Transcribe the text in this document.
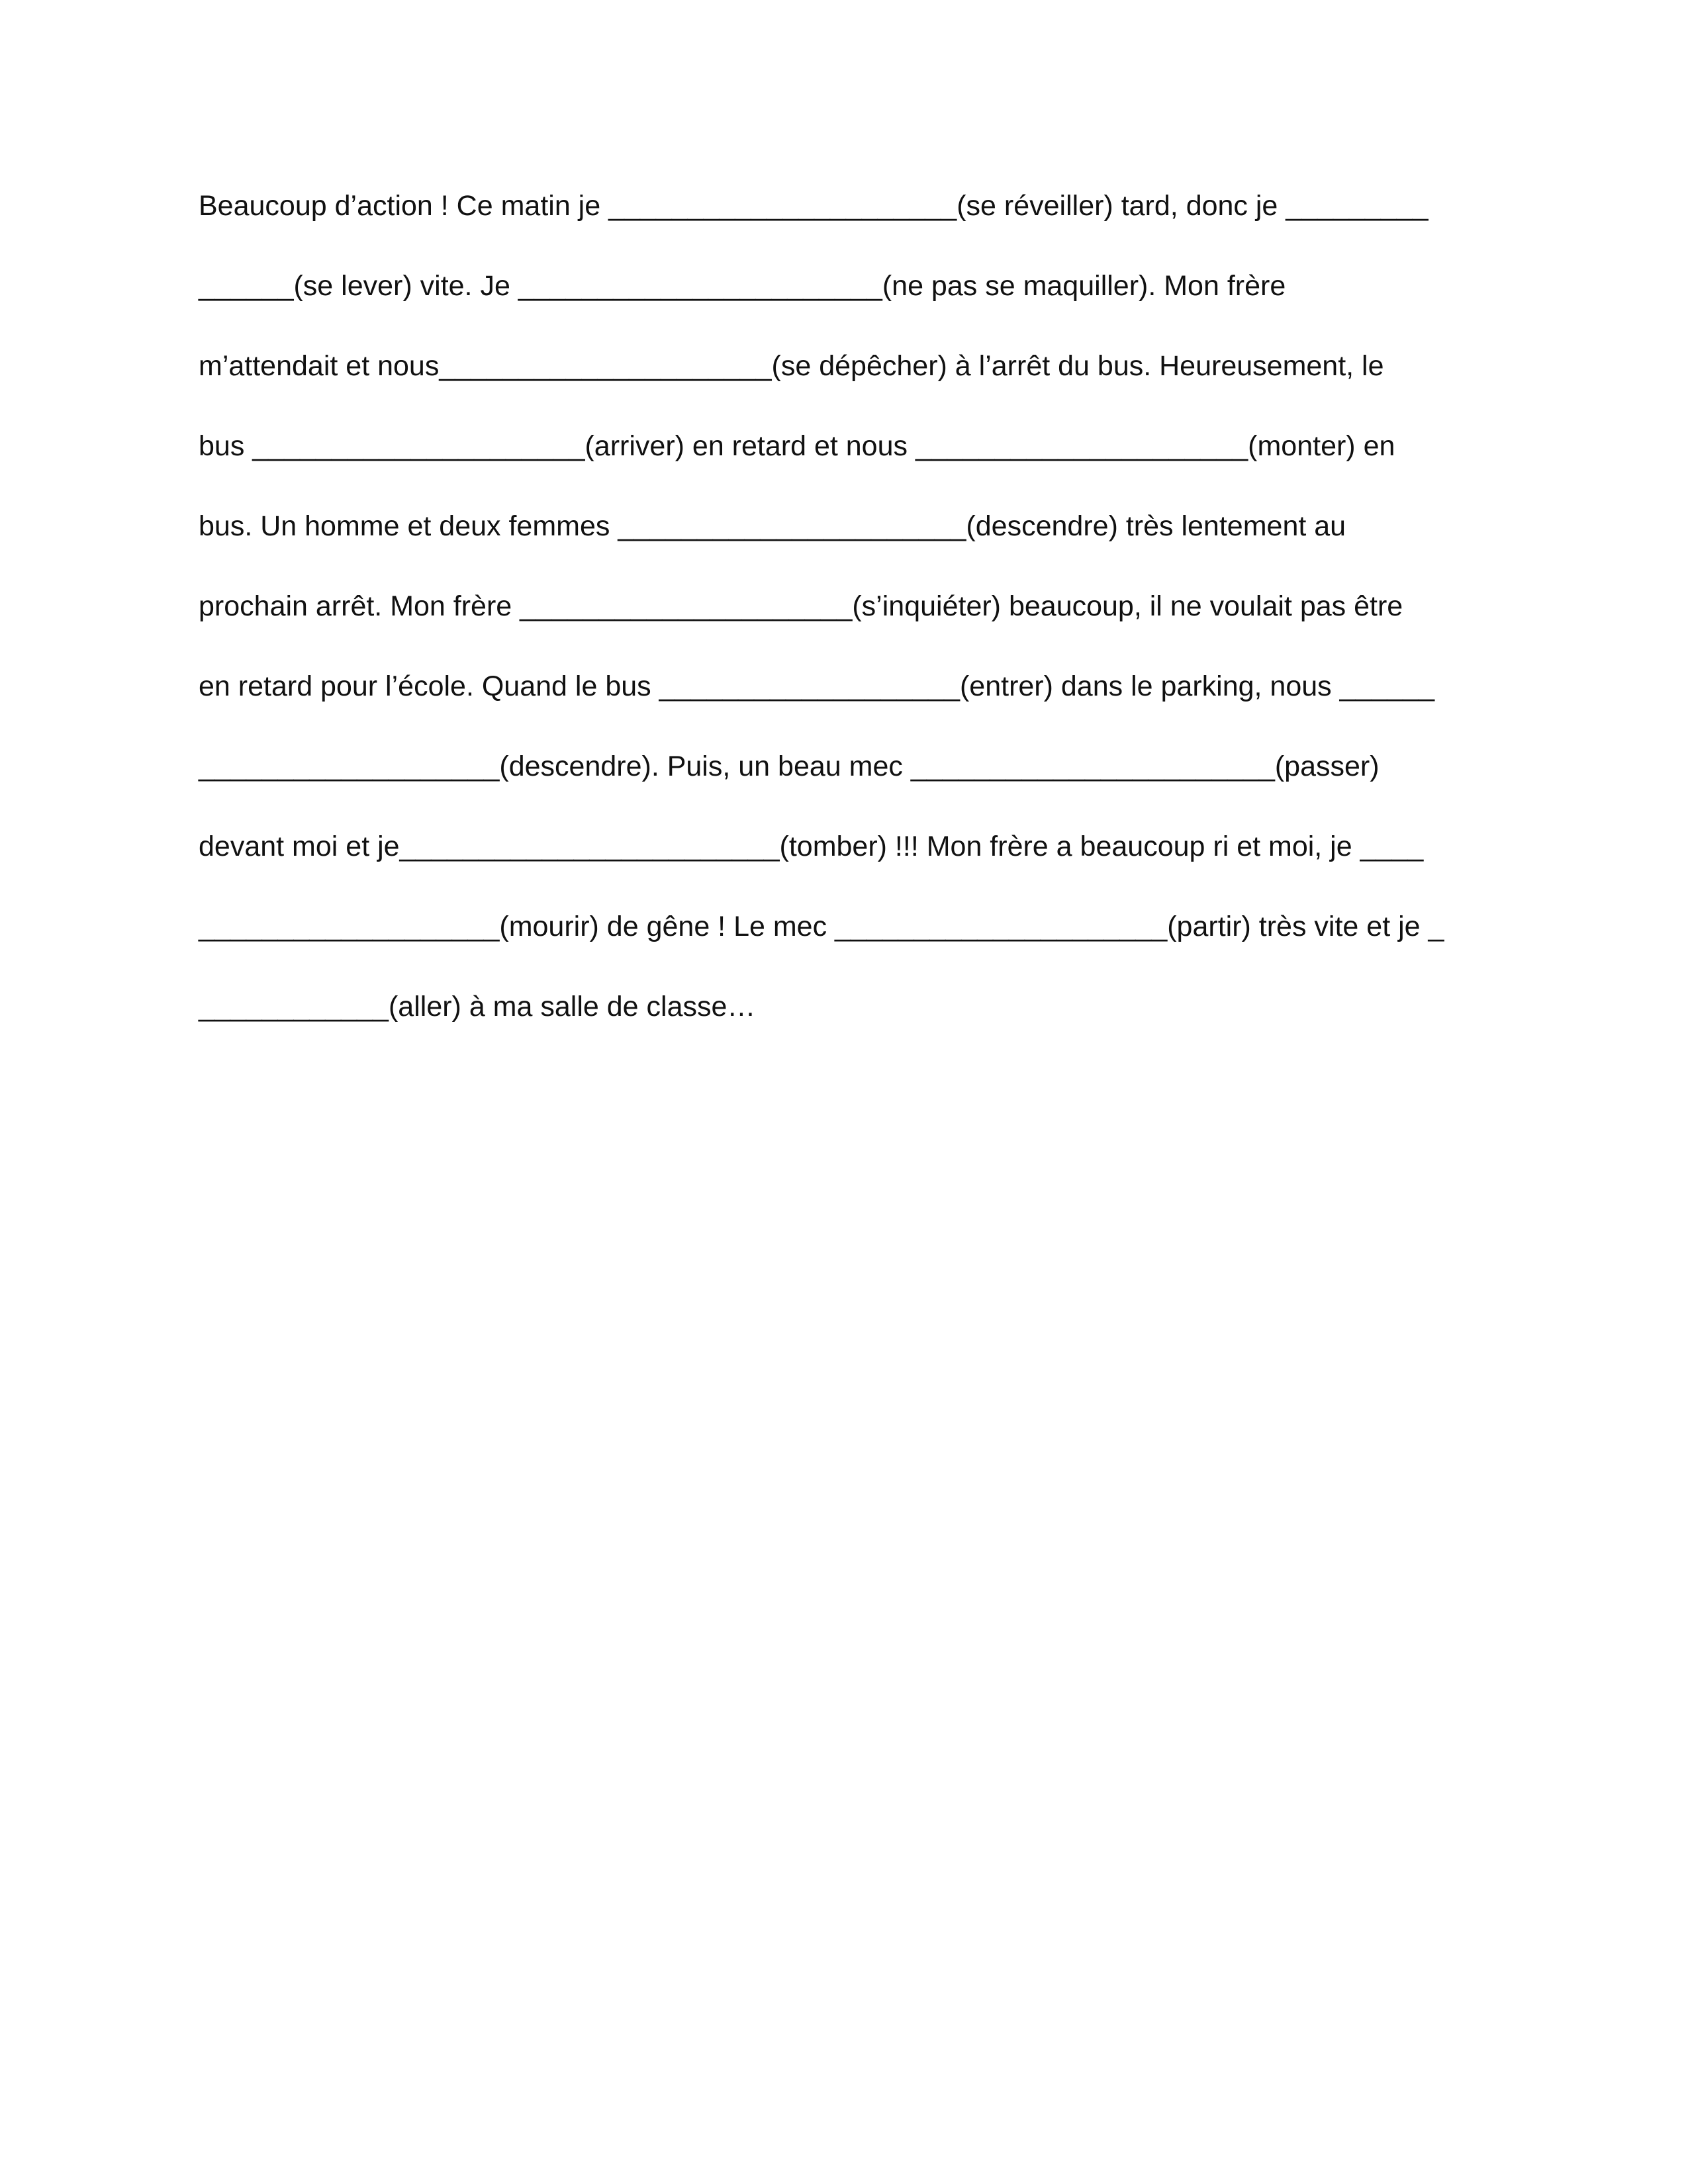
Beaucoup d’action ! Ce matin je ______________________(se réveiller) tard, donc je _________
______(se lever) vite. Je _______________________(ne pas se maquiller). Mon frère
m’attendait et nous_____________________(se dépêcher) à l’arrêt du bus. Heureusement, le
bus _____________________(arriver) en retard et nous _____________________(monter) en
bus. Un homme et deux femmes ______________________(descendre) très lentement au
prochain arrêt. Mon frère _____________________(s’inquiéter) beaucoup, il ne voulait pas être
en retard pour l’école. Quand le bus ___________________(entrer) dans le parking, nous ______
___________________(descendre). Puis, un beau mec _______________________(passer)
devant moi et je________________________(tomber) !!! Mon frère a beaucoup ri et moi, je ____
___________________(mourir) de gêne ! Le mec _____________________(partir) très vite et je _
____________(aller) à ma salle de classe…
